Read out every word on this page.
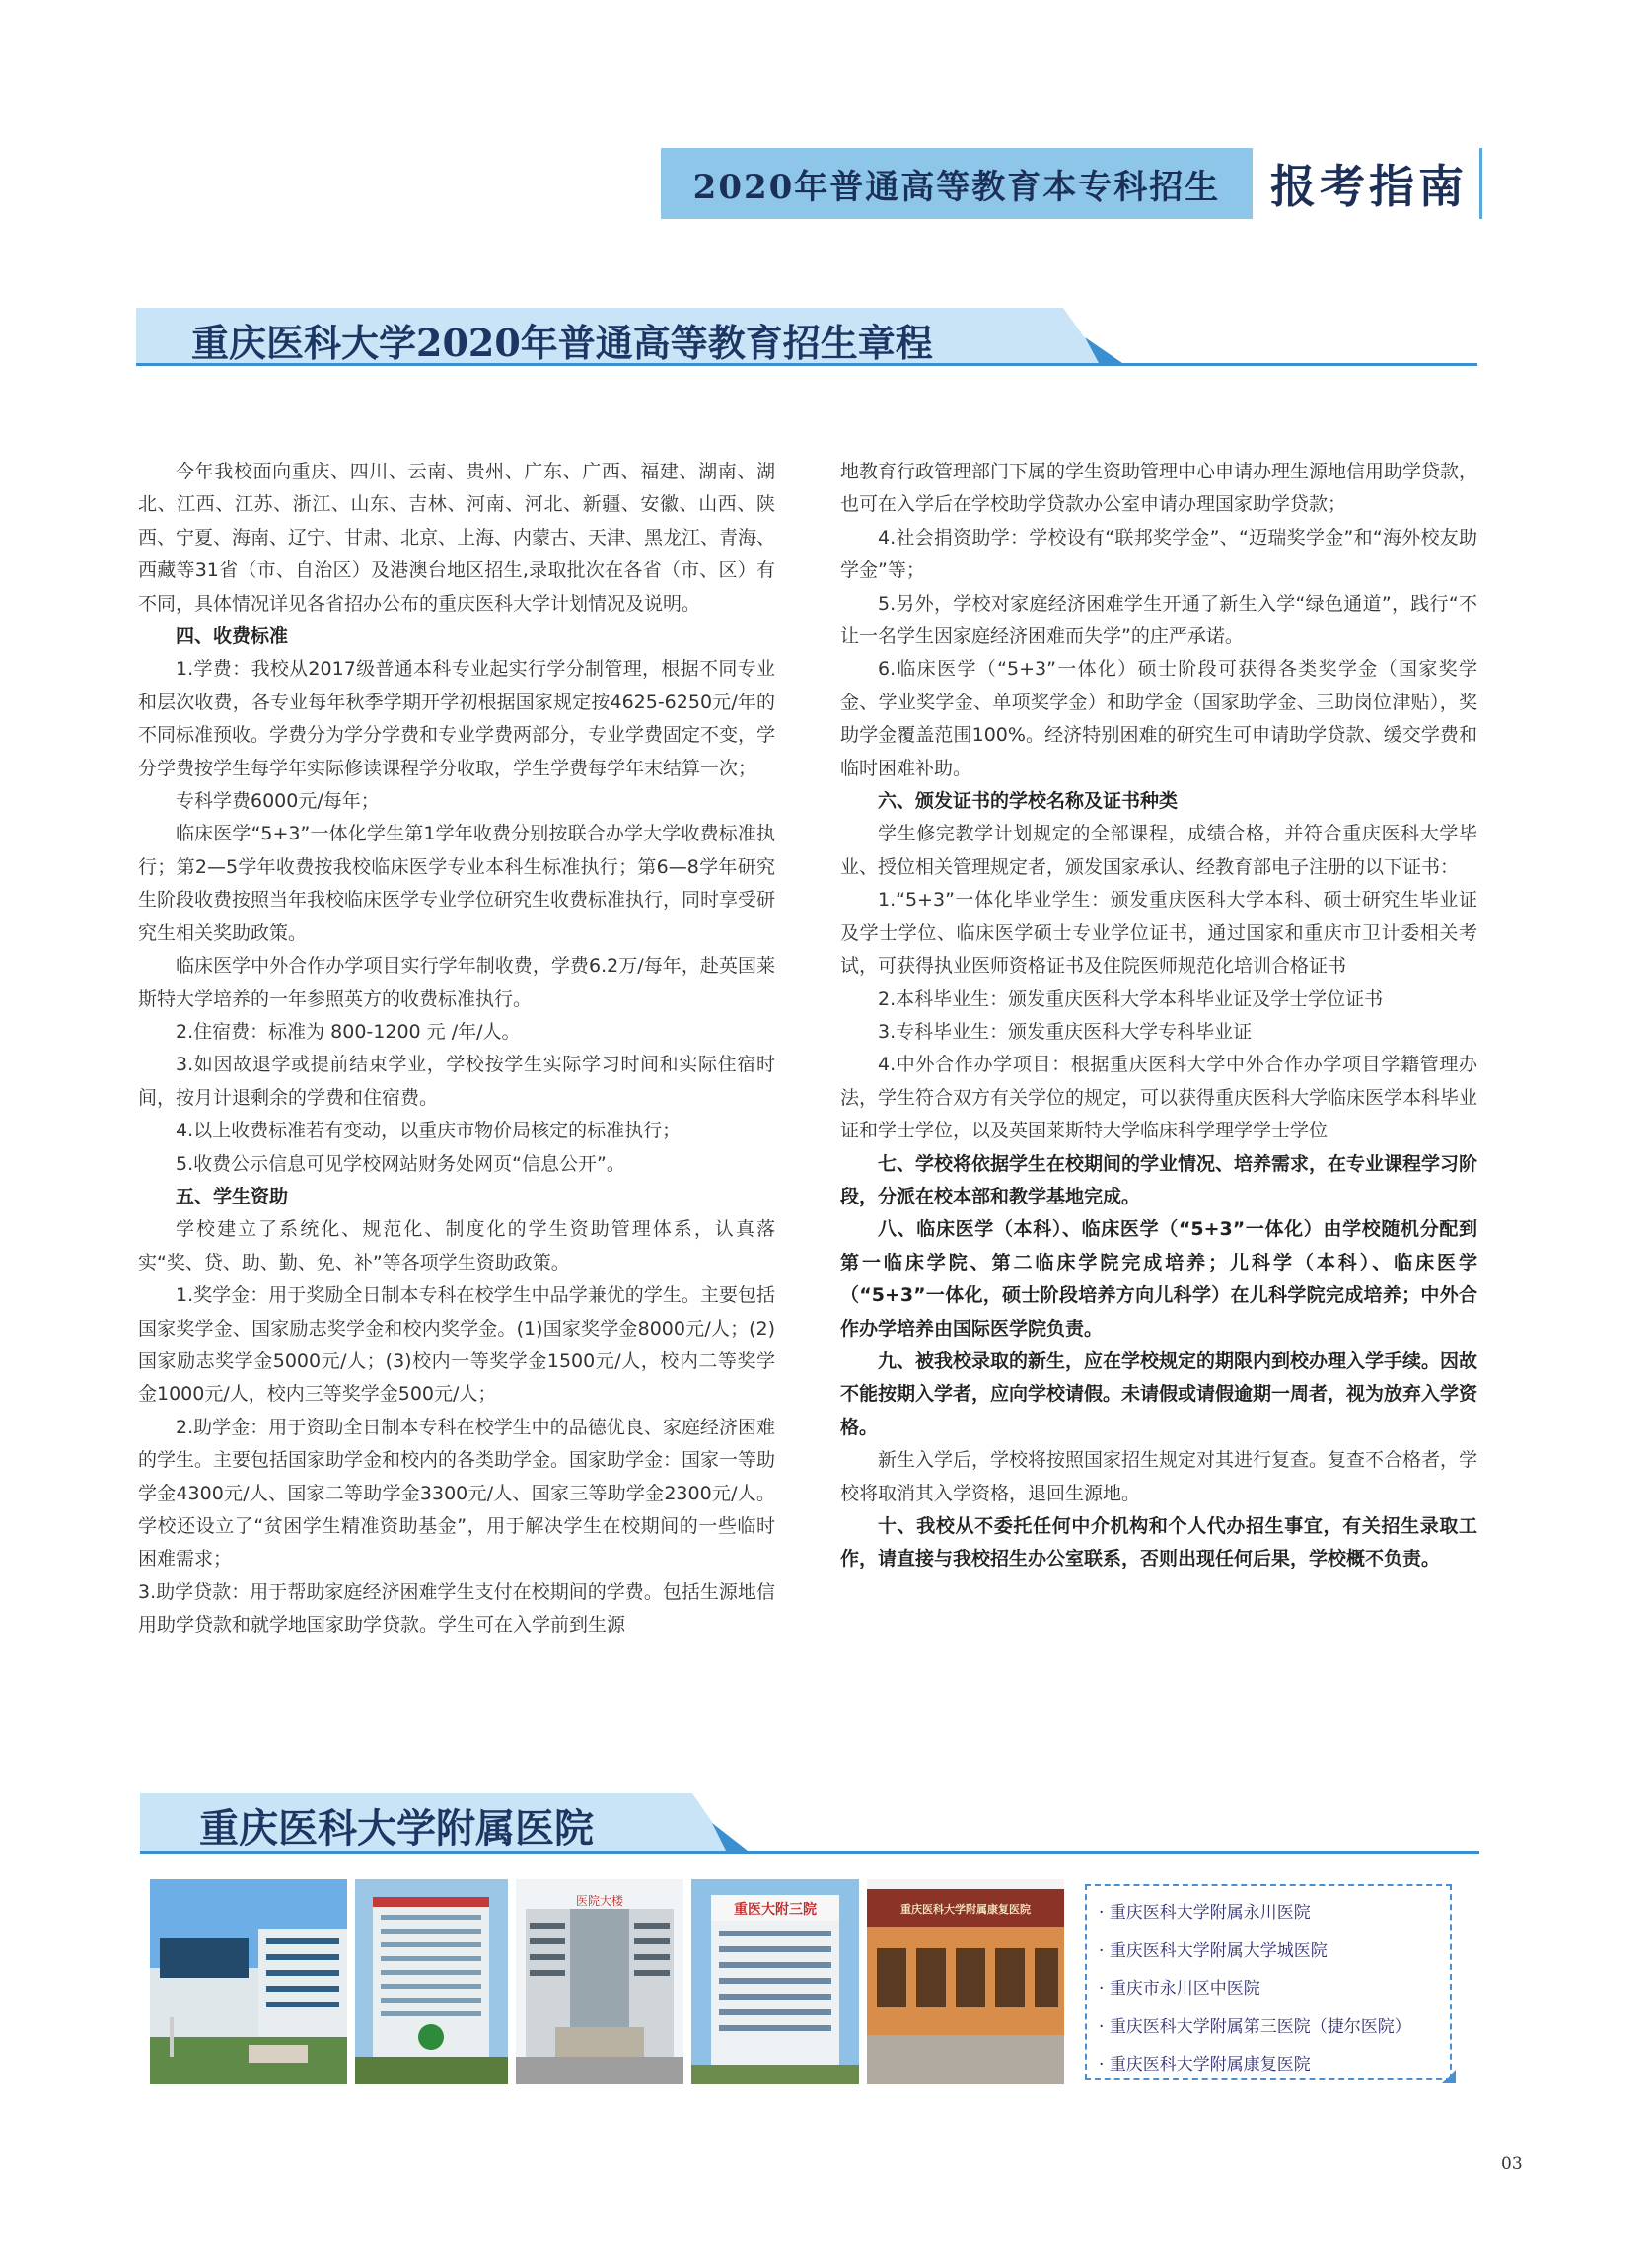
2020年普通高等教育本专科招生 报考指南
重庆医科大学2020年普通高等教育招生章程

今年我校面向重庆、四川、云南、贵州、广东、广西、福建、湖南、湖北、江西、江苏、浙江、山东、吉林、河南、河北、新疆、安徽、山西、陕西、宁夏、海南、辽宁、甘肃、北京、上海、内蒙古、天津、黑龙江、青海、西藏等31省（市、自治区）及港澳台地区招生,录取批次在各省（市、区）有不同，具体情况详见各省招办公布的重庆医科大学计划情况及说明。

四、收费标准

1.学费：我校从2017级普通本科专业起实行学分制管理，根据不同专业和层次收费，各专业每年秋季学期开学初根据国家规定按4625-6250元/年的不同标准预收。学费分为学分学费和专业学费两部分，专业学费固定不变，学分学费按学生每学年实际修读课程学分收取，学生学费每学年末结算一次；

专科学费6000元/每年；

临床医学“5+3”一体化学生第1学年收费分别按联合办学大学收费标准执行；第2—5学年收费按我校临床医学专业本科生标准执行；第6—8学年研究生阶段收费按照当年我校临床医学专业学位研究生收费标准执行，同时享受研究生相关奖助政策。

临床医学中外合作办学项目实行学年制收费，学费6.2万/每年，赴英国莱斯特大学培养的一年参照英方的收费标准执行。

2.住宿费：标准为 800-1200 元 /年/人。

3.如因故退学或提前结束学业，学校按学生实际学习时间和实际住宿时间，按月计退剩余的学费和住宿费。

4.以上收费标准若有变动，以重庆市物价局核定的标准执行；

5.收费公示信息可见学校网站财务处网页“信息公开”。

五、学生资助

学校建立了系统化、规范化、制度化的学生资助管理体系，认真落实“奖、贷、助、勤、免、补”等各项学生资助政策。

1.奖学金：用于奖励全日制本专科在校学生中品学兼优的学生。主要包括国家奖学金、国家励志奖学金和校内奖学金。(1)国家奖学金8000元/人；(2)国家励志奖学金5000元/人；(3)校内一等奖学金1500元/人，校内二等奖学金1000元/人，校内三等奖学金500元/人；

2.助学金：用于资助全日制本专科在校学生中的品德优良、家庭经济困难的学生。主要包括国家助学金和校内的各类助学金。国家助学金：国家一等助学金4300元/人、国家二等助学金3300元/人、国家三等助学金2300元/人。学校还设立了“贫困学生精准资助基金”，用于解决学生在校期间的一些临时困难需求；

3.助学贷款：用于帮助家庭经济困难学生支付在校期间的学费。包括生源地信用助学贷款和就学地国家助学贷款。学生可在入学前到生源

地教育行政管理部门下属的学生资助管理中心申请办理生源地信用助学贷款，也可在入学后在学校助学贷款办公室申请办理国家助学贷款；

4.社会捐资助学：学校设有“联邦奖学金”、“迈瑞奖学金”和“海外校友助学金”等；

5.另外，学校对家庭经济困难学生开通了新生入学“绿色通道”，践行“不让一名学生因家庭经济困难而失学”的庄严承诺。

6.临床医学（“5+3”一体化）硕士阶段可获得各类奖学金（国家奖学金、学业奖学金、单项奖学金）和助学金（国家助学金、三助岗位津贴），奖助学金覆盖范围100%。经济特别困难的研究生可申请助学贷款、缓交学费和临时困难补助。

六、颁发证书的学校名称及证书种类

学生修完教学计划规定的全部课程，成绩合格，并符合重庆医科大学毕业、授位相关管理规定者，颁发国家承认、经教育部电子注册的以下证书：

1.“5+3”一体化毕业学生：颁发重庆医科大学本科、硕士研究生毕业证及学士学位、临床医学硕士专业学位证书，通过国家和重庆市卫计委相关考试，可获得执业医师资格证书及住院医师规范化培训合格证书

2.本科毕业生：颁发重庆医科大学本科毕业证及学士学位证书

3.专科毕业生：颁发重庆医科大学专科毕业证

4.中外合作办学项目：根据重庆医科大学中外合作办学项目学籍管理办法，学生符合双方有关学位的规定，可以获得重庆医科大学临床医学本科毕业证和学士学位，以及英国莱斯特大学临床科学理学学士学位

七、学校将依据学生在校期间的学业情况、培养需求，在专业课程学习阶段，分派在校本部和教学基地完成。

八、临床医学（本科）、临床医学（“5+3”一体化）由学校随机分配到第一临床学院、第二临床学院完成培养；儿科学（本科）、临床医学（“5+3”一体化，硕士阶段培养方向儿科学）在儿科学院完成培养；中外合作办学培养由国际医学院负责。

九、被我校录取的新生，应在学校规定的期限内到校办理入学手续。因故不能按期入学者，应向学校请假。未请假或请假逾期一周者，视为放弃入学资格。

新生入学后，学校将按照国家招生规定对其进行复查。复查不合格者，学校将取消其入学资格，退回生源地。

十、我校从不委托任何中介机构和个人代办招生事宜，有关招生录取工作，请直接与我校招生办公室联系，否则出现任何后果，学校概不负责。

重庆医科大学附属医院
医院大楼
重医大附三院	重庆医科大学附属康复医院
·	重庆医科大学附属永川医院
· 重庆医科大学附属大学城医院
· 重庆市永川区中医院
· 重庆医科大学附属第三医院（捷尔医院）
· 重庆医科大学附属康复医院
03
